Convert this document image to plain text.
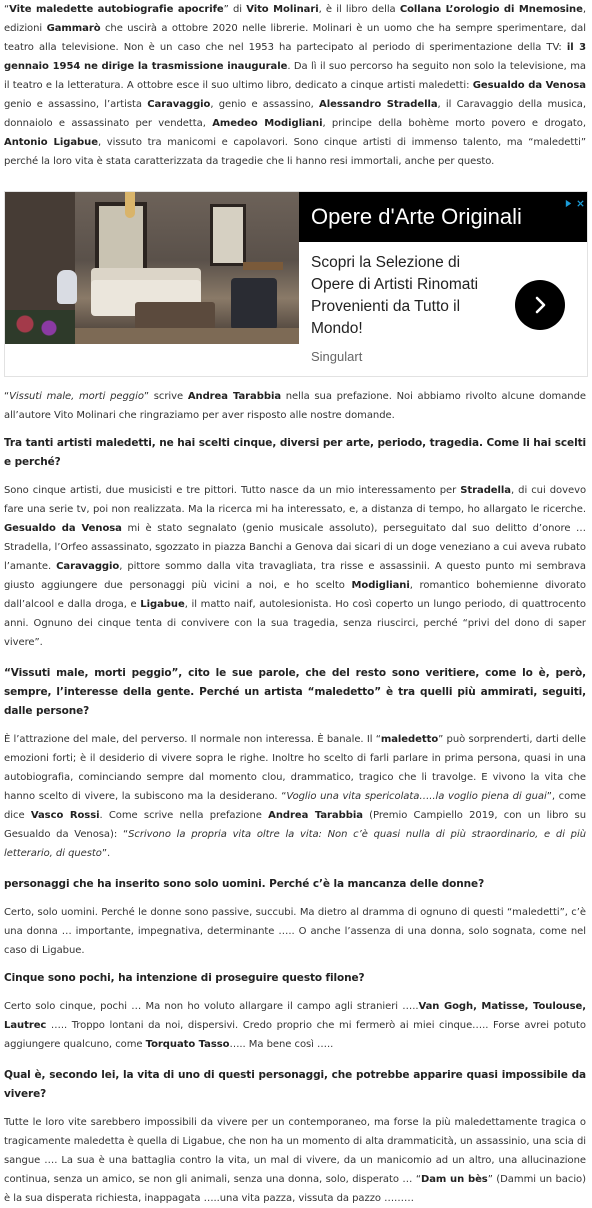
“Vite maledette autobiografie apocrife” di Vito Molinari, è il libro della Collana L’orologio di Mnemosine, edizioni Gammarò che uscirà a ottobre 2020 nelle librerie. Molinari è un uomo che ha sempre sperimentare, dal teatro alla televisione. Non è un caso che nel 1953 ha partecipato al periodo di sperimentazione della TV: il 3 gennaio 1954 ne dirige la trasmissione inaugurale. Da lì il suo percorso ha seguito non solo la televisione, ma il teatro e la letteratura. A ottobre esce il suo ultimo libro, dedicato a cinque artisti maledetti: Gesualdo da Venosa genio e assassino, l’artista Caravaggio, genio e assassino, Alessandro Stradella, il Caravaggio della musica, donnaiolo e assassinato per vendetta, Amedeo Modigliani, principe della bohème morto povero e drogato, Antonio Ligabue, vissuto tra manicomi e capolavori. Sono cinque artisti di immenso talento, ma “maledetti” perché la loro vita è stata caratterizzata da tragedie che li hanno resi immortali, anche per questo.

Opere d'Arte Originali
Scopri la Selezione di Opere di Artisti Rinomati Provenienti da Tutto il Mondo!
Singulart

“Vissuti male, morti peggio” scrive Andrea Tarabbia nella sua prefazione. Noi abbiamo rivolto alcune domande all’autore Vito Molinari che ringraziamo per aver risposto alle nostre domande.

Tra tanti artisti maledetti, ne hai scelti cinque, diversi per arte, periodo, tragedia. Come li hai scelti e perché?

Sono cinque artisti, due musicisti e tre pittori. Tutto nasce da un mio interessamento per Stradella, di cui dovevo fare una serie tv, poi non realizzata. Ma la ricerca mi ha interessato, e, a distanza di tempo, ho allargato le ricerche. Gesualdo da Venosa mi è stato segnalato (genio musicale assoluto), perseguitato dal suo delitto d’onore … Stradella, l’Orfeo assassinato, sgozzato in piazza Banchi a Genova dai sicari di un doge veneziano a cui aveva rubato l’amante. Caravaggio, pittore sommo dalla vita travagliata, tra risse e assassinii. A questo punto mi sembrava giusto aggiungere due personaggi più vicini a noi, e ho scelto Modigliani, romantico bohemienne divorato dall’alcool e dalla droga, e Ligabue, il matto naif, autolesionista. Ho così coperto un lungo periodo, di quattrocento anni. Ognuno dei cinque tenta di convivere con la sua tragedia, senza riuscirci, perché “privi del dono di saper vivere”.

“Vissuti male, morti peggio”, cito le sue parole, che del resto sono veritiere, come lo è, però, sempre, l’interesse della gente. Perché un artista “maledetto” è tra quelli più ammirati, seguiti, dalle persone?

È l’attrazione del male, del perverso. Il normale non interessa. È banale. Il “maledetto” può sorprenderti, darti delle emozioni forti; è il desiderio di vivere sopra le righe. Inoltre ho scelto di farli parlare in prima persona, quasi in una autobiografia, cominciando sempre dal momento clou, drammatico, tragico che li travolge. E vivono la vita che hanno scelto di vivere, la subiscono ma la desiderano. “Voglio una vita spericolata…..la voglio piena di guai”, come dice Vasco Rossi. Come scrive nella prefazione Andrea Tarabbia (Premio Campiello 2019, con un libro su Gesualdo da Venosa): “Scrivono la propria vita oltre la vita: Non c’è quasi nulla di più straordinario, e di più letterario, di questo”.

personaggi che ha inserito sono solo uomini. Perché c’è la mancanza delle donne?

Certo, solo uomini. Perché le donne sono passive, succubi. Ma dietro al dramma di ognuno di questi “maledetti”, c’è una donna … importante, impegnativa, determinante ….. O anche l’assenza di una donna, solo sognata, come nel caso di Ligabue.

Cinque sono pochi, ha intenzione di proseguire questo filone?

Certo solo cinque, pochi … Ma non ho voluto allargare il campo agli stranieri …..Van Gogh, Matisse, Toulouse, Lautrec ….. Troppo lontani da noi, dispersivi. Credo proprio che mi fermerò ai miei cinque….. Forse avrei potuto aggiungere qualcuno, come Torquato Tasso….. Ma bene così …..

Qual è, secondo lei, la vita di uno di questi personaggi, che potrebbe apparire quasi impossibile da vivere?

Tutte le loro vite sarebbero impossibili da vivere per un contemporaneo, ma forse la più maledettamente tragica o tragicamente maledetta è quella di Ligabue, che non ha un momento di alta drammaticità, un assassinio, una scia di sangue …. La sua è una battaglia contro la vita, un mal di vivere, da un manicomio ad un altro, una allucinazione continua, senza un amico, se non gli animali, senza una donna, solo, disperato … “Dam un bès” (Dammi un bacio) è la sua disperata richiesta, inappagata …..una vita pazza, vissuta da pazzo ………
